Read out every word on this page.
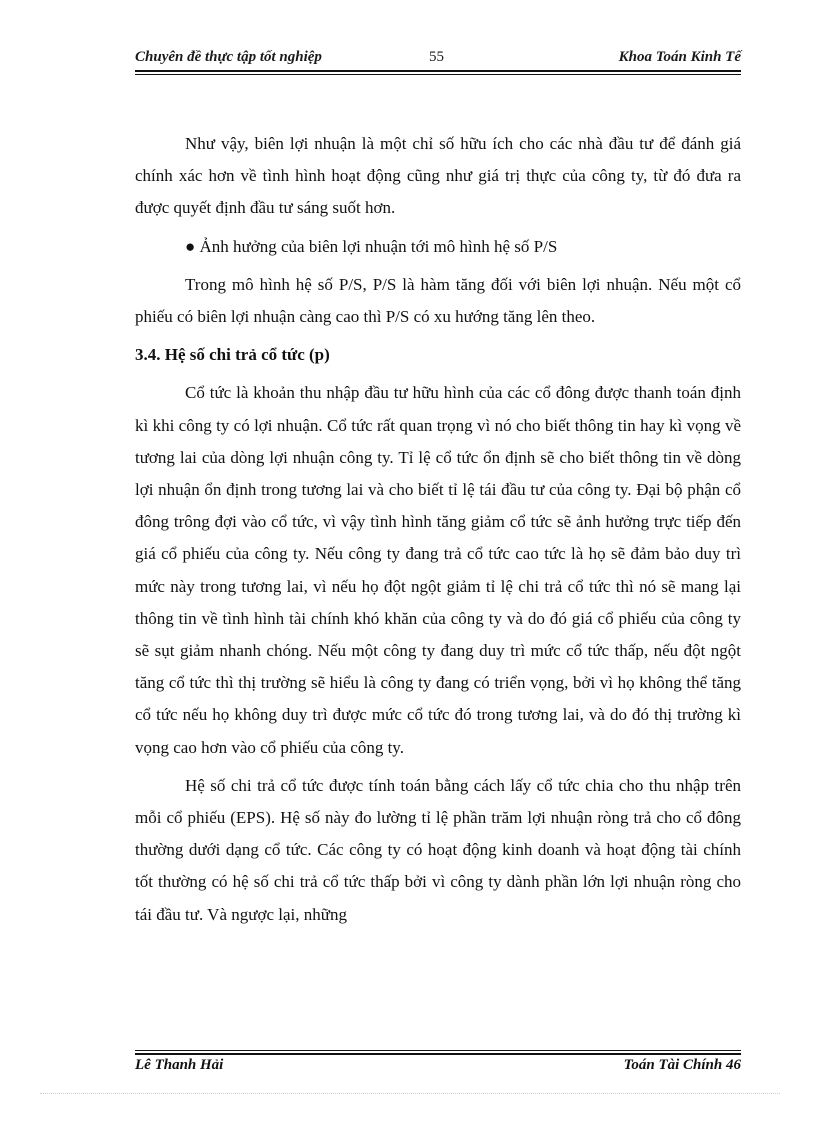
Chuyên đề thực tập tốt nghiệp	55	Khoa Toán Kinh Tế

Như vậy, biên lợi nhuận là một chỉ số hữu ích cho các nhà đầu tư để đánh giá chính xác hơn về tình hình hoạt động cũng như giá trị thực của công ty, từ đó đưa ra được quyết định đầu tư sáng suốt hơn.

● Ảnh hưởng của biên lợi nhuận tới mô hình hệ số P/S

Trong mô hình hệ số P/S, P/S là hàm tăng đối với biên lợi nhuận. Nếu một cổ phiếu có biên lợi nhuận càng cao thì P/S có xu hướng tăng lên theo.

3.4. Hệ số chi trả cổ tức (p)

Cổ tức là khoản thu nhập đầu tư hữu hình của các cổ đông được thanh toán định kì khi công ty có lợi nhuận. Cổ tức rất quan trọng vì nó cho biết thông tin hay kì vọng về tương lai của dòng lợi nhuận công ty. Tỉ lệ cổ tức ổn định sẽ cho biết thông tin về dòng lợi nhuận ổn định trong tương lai và cho biết tỉ lệ tái đầu tư của công ty. Đại bộ phận cổ đông trông đợi vào cổ tức, vì vậy tình hình tăng giảm cổ tức sẽ ảnh hưởng trực tiếp đến giá cổ phiếu của công ty. Nếu công ty đang trả cổ tức cao tức là họ sẽ đảm bảo duy trì mức này trong tương lai, vì nếu họ đột ngột giảm tỉ lệ chi trả cổ tức thì nó sẽ mang lại thông tin về tình hình tài chính khó khăn của công ty và do đó giá cổ phiếu của công ty sẽ sụt giảm nhanh chóng. Nếu một công ty đang duy trì mức cổ tức thấp, nếu đột ngột tăng cổ tức thì thị trường sẽ hiểu là công ty đang có triển vọng, bởi vì họ không thể tăng cổ tức nếu họ không duy trì được mức cổ tức đó trong tương lai, và do đó thị trường kì vọng cao hơn vào cổ phiếu của công ty.

Hệ số chi trả cổ tức được tính toán bằng cách lấy cổ tức chia cho thu nhập trên mỗi cổ phiếu (EPS). Hệ số này đo lường tỉ lệ phần trăm lợi nhuận ròng trả cho cổ đông thường dưới dạng cổ tức. Các công ty có hoạt động kinh doanh và hoạt động tài chính tốt thường có hệ số chi trả cổ tức thấp bởi vì công ty dành phần lớn lợi nhuận ròng cho tái đầu tư. Và ngược lại, những

Lê Thanh Hải	Toán Tài Chính 46
